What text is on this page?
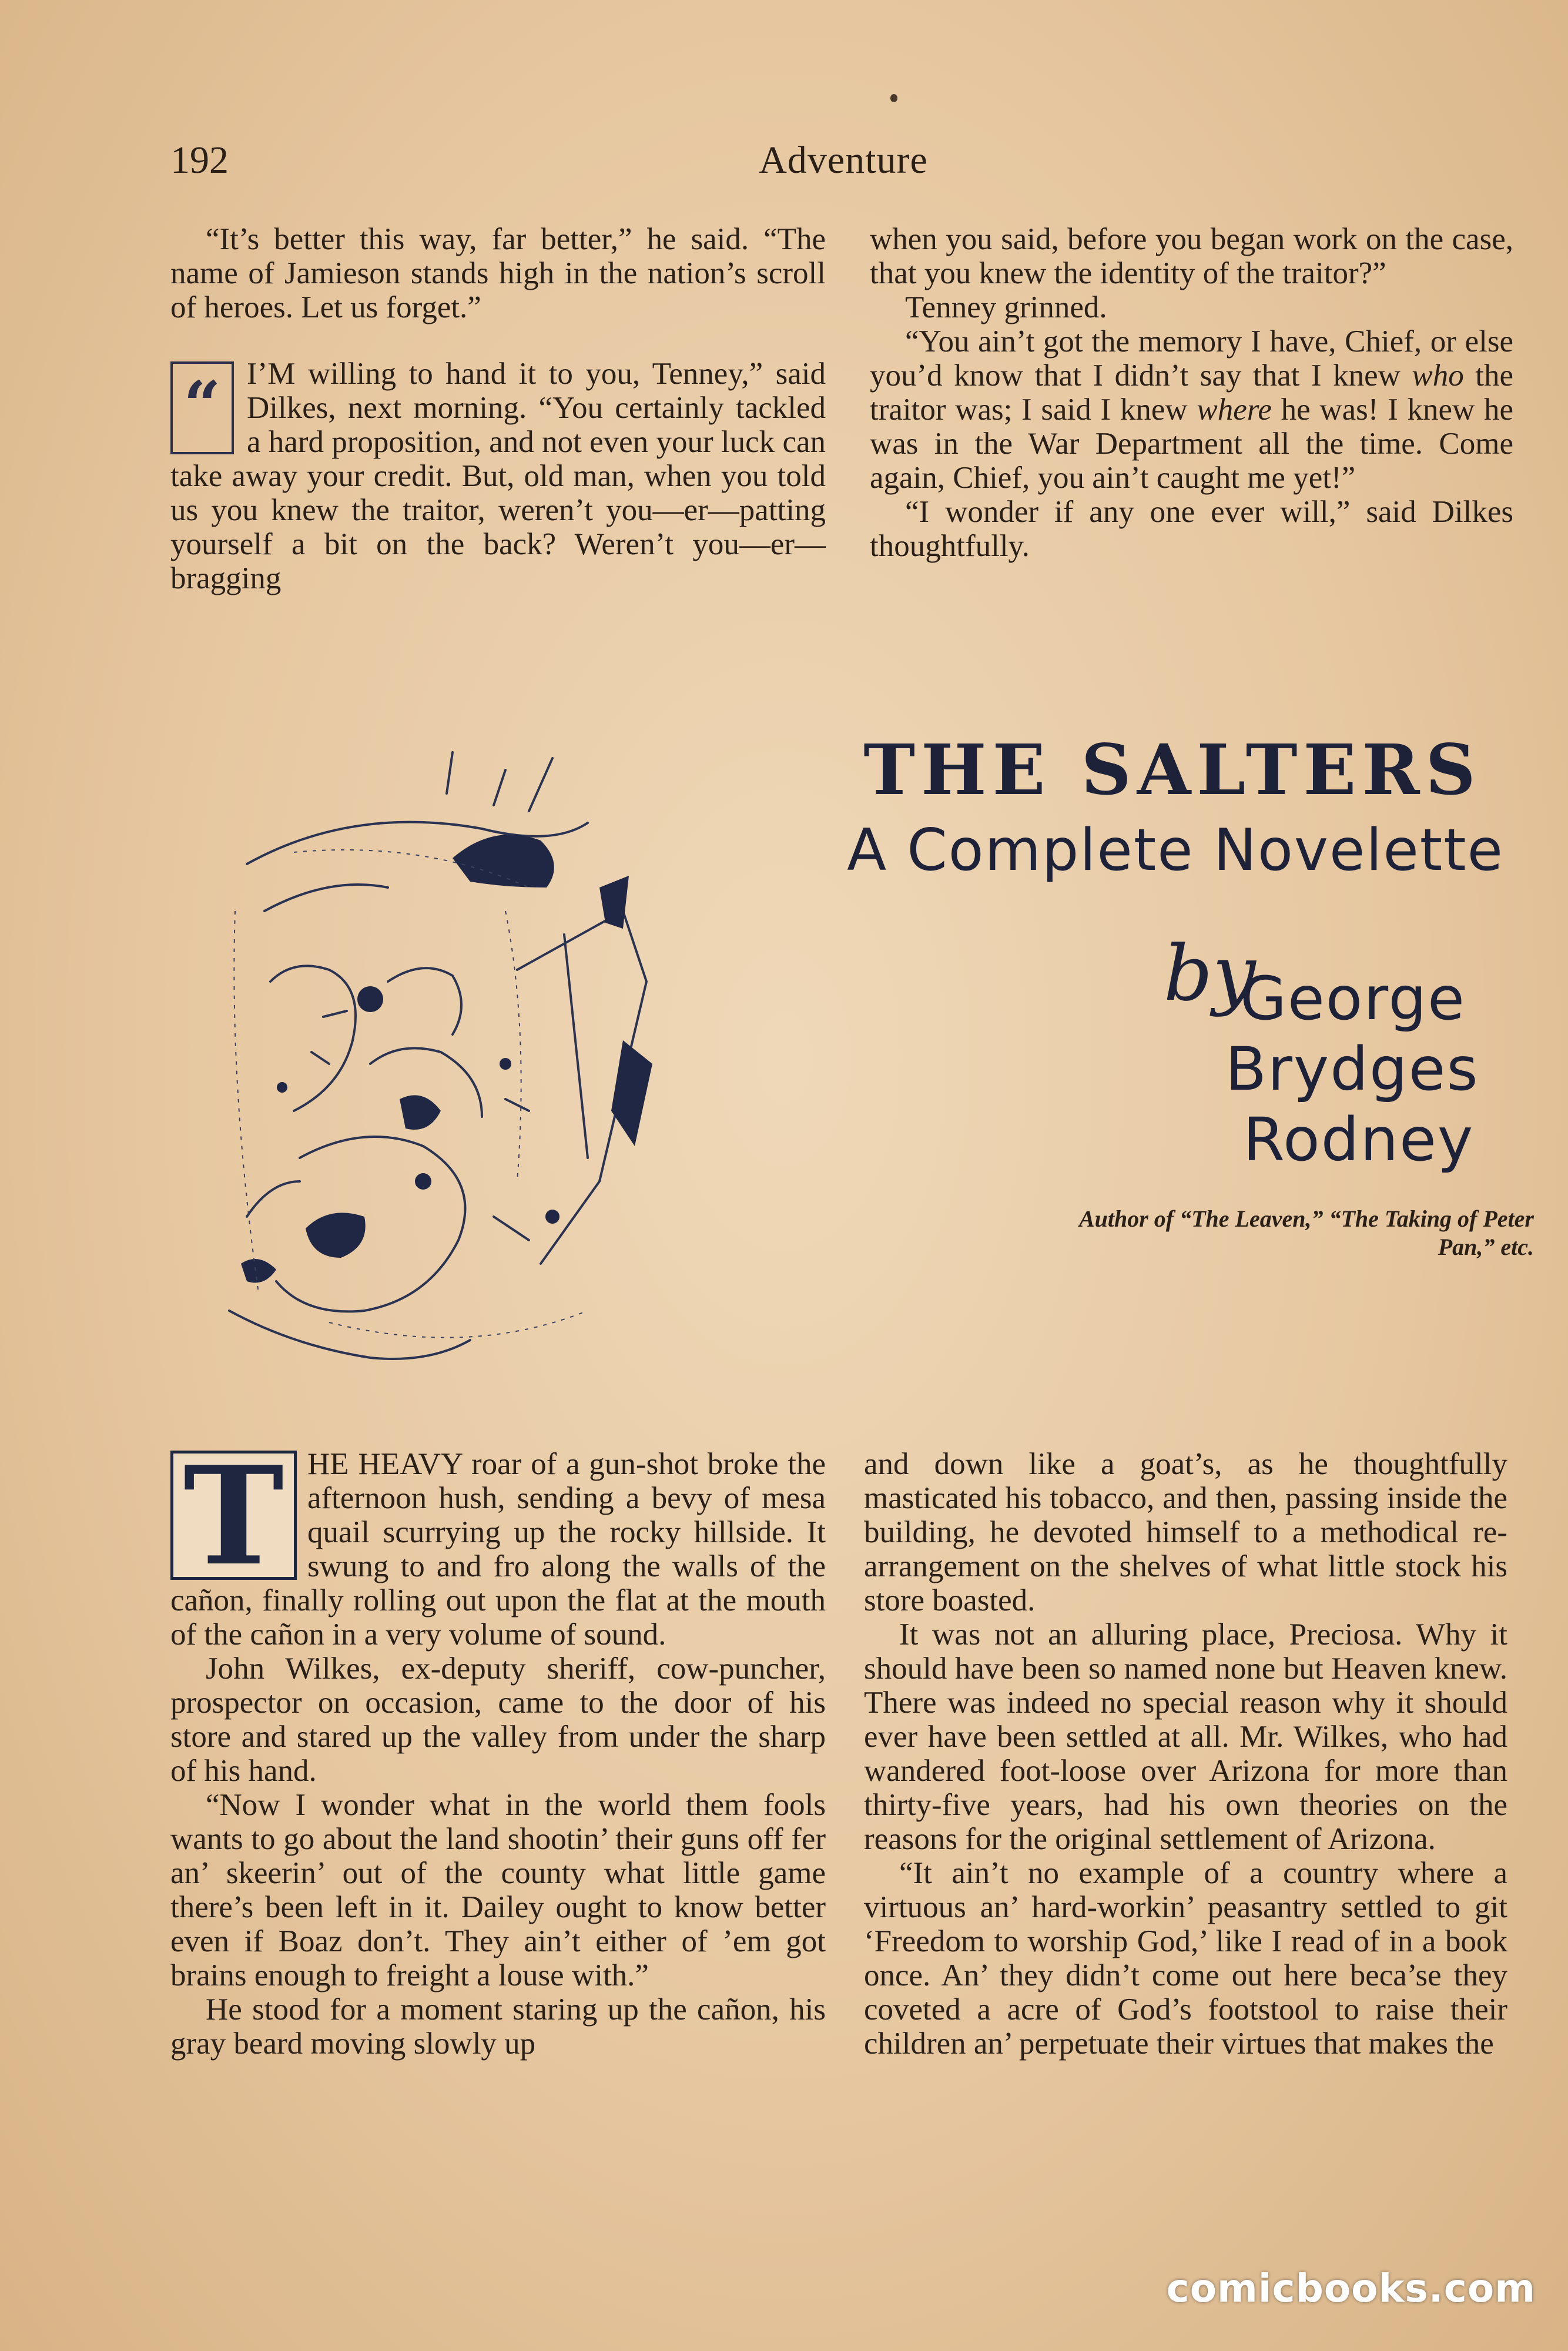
192	Adventure

“It’s better this way, far better,” he said. “The name of Jamieson stands high in the nation’s scroll of heroes. Let us forget.”

“ I’M willing to hand it to you, Tenney,” said Dilkes, next morning. “You certainly tackled a hard proposition, and not even your luck can take away your credit. But, old man, when you told us you knew the traitor, weren’t you—er—patting yourself a bit on the back? Weren’t you—er—bragging

when you said, before you began work on the case, that you knew the identity of the traitor?”

Tenney grinned.

“You ain’t got the memory I have, Chief, or else you’d know that I didn’t say that I knew who the traitor was; I said I knew where he was! I knew he was in the War Department all the time. Come again, Chief, you ain’t caught me yet!”

“I wonder if any one ever will,” said Dilkes thoughtfully.

THE SALTERS
A Complete Novelette
by
George
Brydges
Rodney
Author of “The Leaven,” “The Taking of Peter Pan,” etc.

T HE HEAVY roar of a gun-shot broke the afternoon hush, sending a bevy of mesa quail scurrying up the rocky hillside. It swung to and fro along the walls of the cañon, finally rolling out upon the flat at the mouth of the cañon in a very volume of sound.

John Wilkes, ex-deputy sheriff, cow-puncher, prospector on occasion, came to the door of his store and stared up the valley from under the sharp of his hand.

“Now I wonder what in the world them fools wants to go about the land shootin’ their guns off fer an’ skeerin’ out of the county what little game there’s been left in it. Dailey ought to know better even if Boaz don’t. They ain’t either of ’em got brains enough to freight a louse with.”

He stood for a moment staring up the cañon, his gray beard moving slowly up

and down like a goat’s, as he thoughtfully masticated his tobacco, and then, passing inside the building, he devoted himself to a methodical re-arrangement on the shelves of what little stock his store boasted.

It was not an alluring place, Preciosa. Why it should have been so named none but Heaven knew. There was indeed no special reason why it should ever have been settled at all. Mr. Wilkes, who had wandered foot-loose over Arizona for more than thirty-five years, had his own theories on the reasons for the original settlement of Arizona.

“It ain’t no example of a country where a virtuous an’ hard-workin’ peasantry settled to git ‘Freedom to worship God,’ like I read of in a book once. An’ they didn’t come out here beca’se they coveted a acre of God’s footstool to raise their children an’ perpetuate their virtues that makes the

comicbooks.com
